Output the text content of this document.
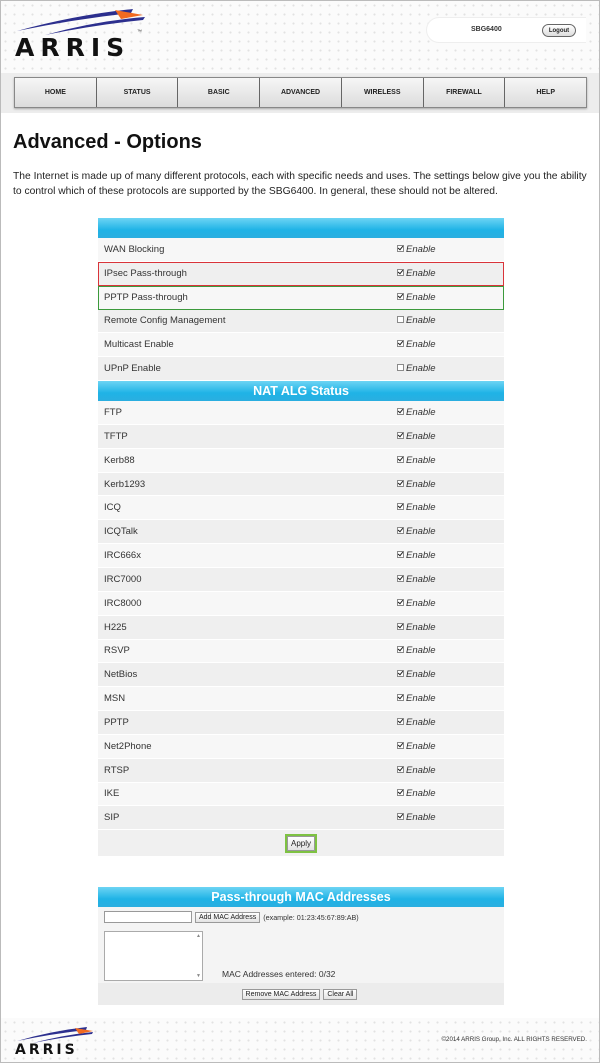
™
ARRIS
SBG6400	Logout
HOME	STATUS	BASIC	ADVANCED	WIRELESS	FIREWALL	HELP
Advanced - Options
The Internet is made up of many different protocols, each with specific needs and uses. The settings below give you the ability to control which of these protocols are supported by the SBG6400. In general, these should not be altered.
WAN Blocking	Enable
IPsec Pass-through	Enable
PPTP Pass-through	Enable
Remote Config Management	Enable
Multicast Enable	Enable
UPnP Enable	Enable
NAT ALG Status
FTP	Enable
TFTP	Enable
Kerb88	Enable
Kerb1293	Enable
ICQ	Enable
ICQTalk	Enable
IRC666x	Enable
IRC7000	Enable
IRC8000	Enable
H225	Enable
RSVP	Enable
NetBios	Enable
MSN	Enable
PPTP	Enable
Net2Phone	Enable
RTSP	Enable
IKE	Enable
SIP	Enable
Apply
Pass-through MAC Addresses
Add MAC Address (example: 01:23:45:67:89:AB)
▲
▼ MAC Addresses entered: 0/32
Remove MAC Address	Clear All
ARRIS
©2014 ARRIS Group, Inc. ALL RIGHTS RESERVED.
